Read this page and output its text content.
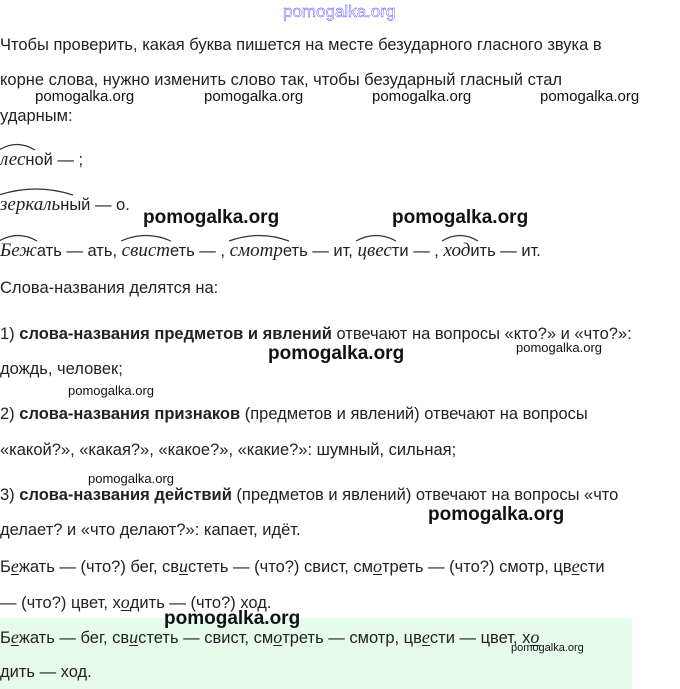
pomogalka.org
Чтобы проверить, какая буква пишется на месте безударного гласного звука в
корне слова, нужно изменить слово так, чтобы безударный гласный стал
ударным:
лесной — ;
зеркальный — о.
pomogalka.org	pomogalka.org	pomogalka.org	pomogalka.org
pomogalka.org	pomogalka.org
Бежать — ать, свистеть — , смотреть — ит, цвести — , ходить — ит.
Слова-названия делятся на:
1) слова-названия предметов и явлений отвечают на вопросы «кто?» и «что?»:
дождь, человек;
pomogalka.org	pomogalka.org
pomogalka.org
2) слова-названия признаков (предметов и явлений) отвечают на вопросы
«какой?», «какая?», «какое?», «какие?»: шумный, сильная;
pomogalka.org
3) слова-названия действий (предметов и явлений) отвечают на вопросы «что
делает? и «что делают?»: капает, идёт.
pomogalka.org
Бежать — (что?) бег, свистеть — (что?) свист, смотреть — (что?) смотр, цвести
— (что?) цвет, ходить — (что?) ход.
pomogalka.org
Бежать — бег, свистеть — свист, смотреть — смотр, цвести — цвет, хо
дить — ход.
pomogalka.org
